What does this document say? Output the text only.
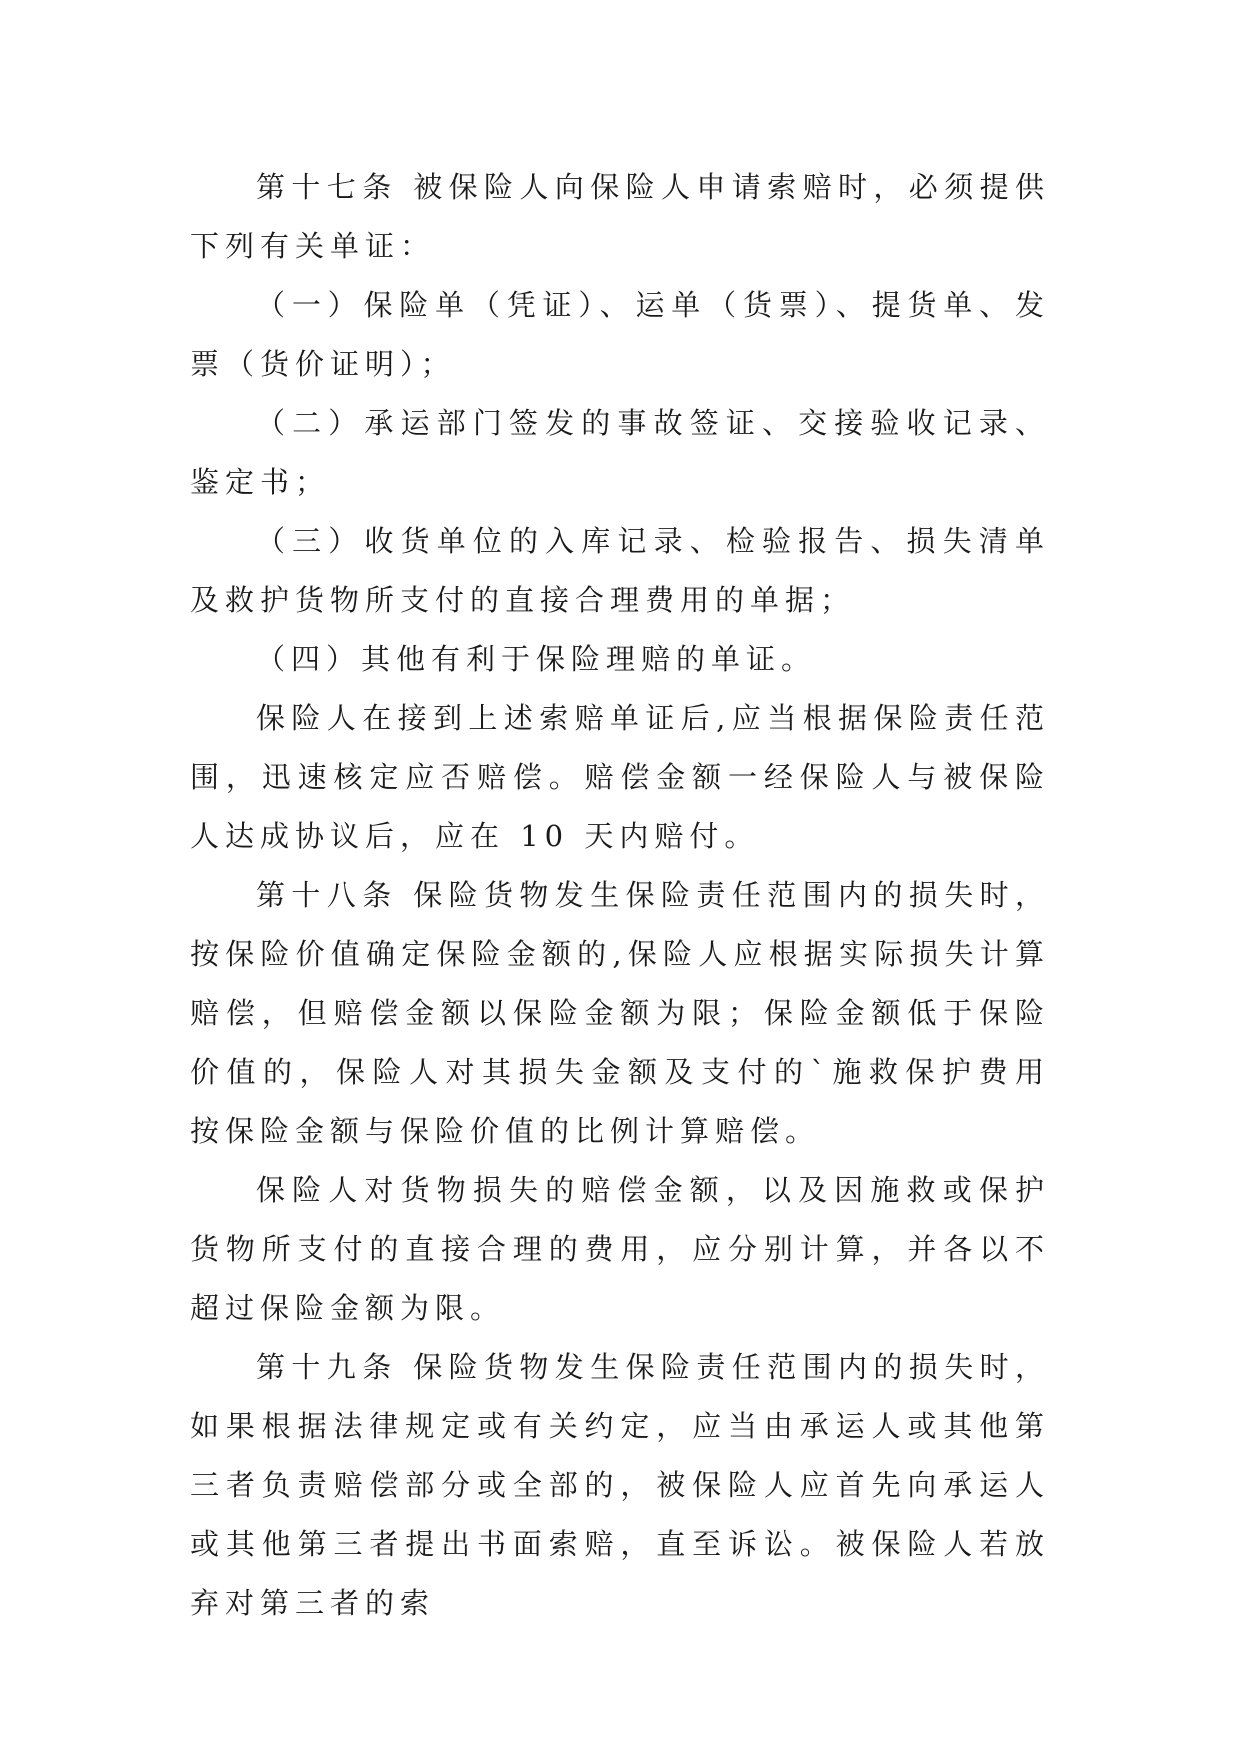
第十七条 被保险人向保险人申请索赔时，必须提供下列有关单证：

（一）保险单（凭证）、运单（货票）、提货单、发票（货价证明）；

（二）承运部门签发的事故签证、交接验收记录、鉴定书；

（三）收货单位的入库记录、检验报告、损失清单及救护货物所支付的直接合理费用的单据；

（四）其他有利于保险理赔的单证。

保险人在接到上述索赔单证后,应当根据保险责任范围，迅速核定应否赔偿。赔偿金额一经保险人与被保险人达成协议后，应在 10 天内赔付。

第十八条 保险货物发生保险责任范围内的损失时，按保险价值确定保险金额的,保险人应根据实际损失计算赔偿，但赔偿金额以保险金额为限；保险金额低于保险价值的，保险人对其损失金额及支付的`施救保护费用按保险金额与保险价值的比例计算赔偿。

保险人对货物损失的赔偿金额，以及因施救或保护货物所支付的直接合理的费用，应分别计算，并各以不超过保险金额为限。

第十九条 保险货物发生保险责任范围内的损失时，如果根据法律规定或有关约定，应当由承运人或其他第三者负责赔偿部分或全部的，被保险人应首先向承运人或其他第三者提出书面索赔，直至诉讼。被保险人若放弃对第三者的索
